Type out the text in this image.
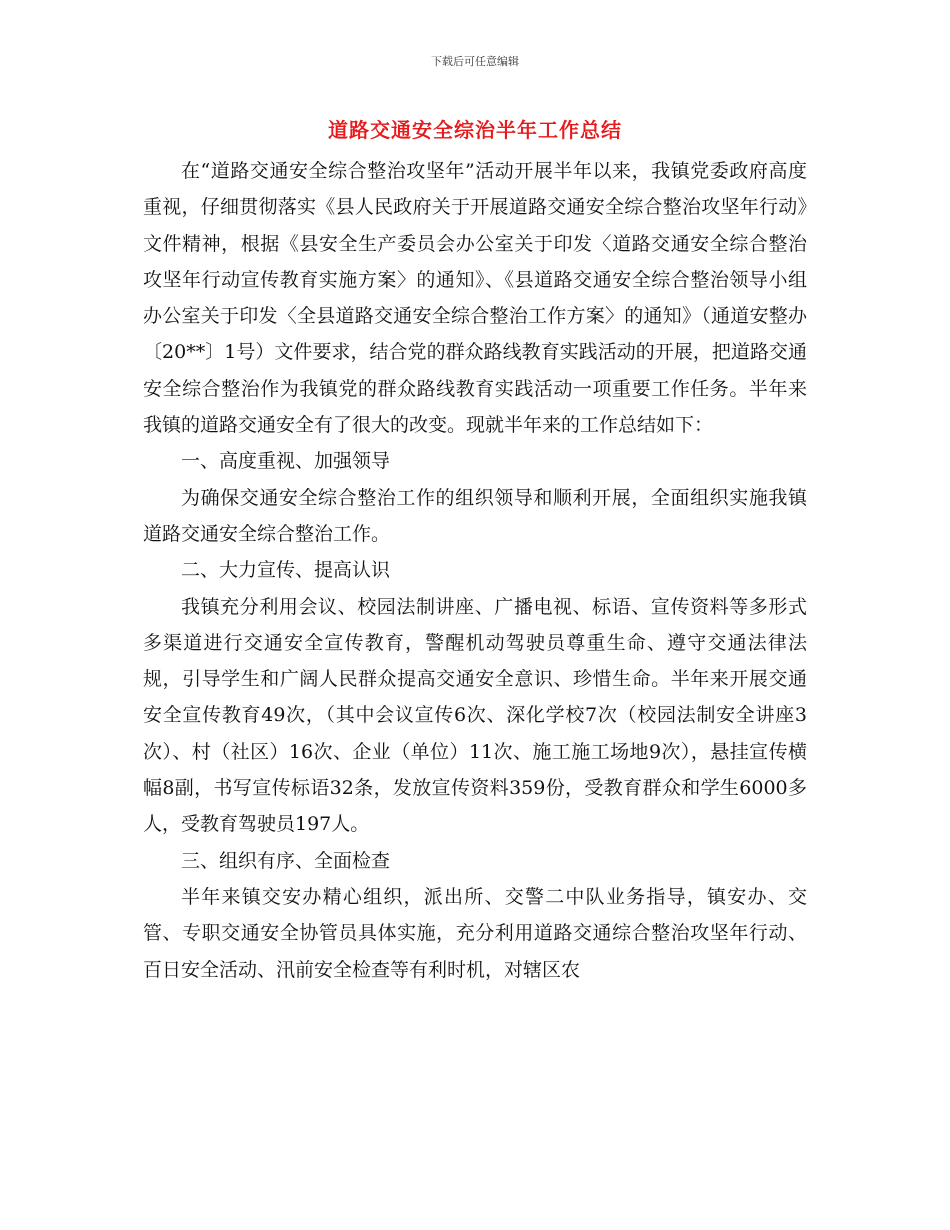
下载后可任意编辑
道路交通安全综治半年工作总结

在“道路交通安全综合整治攻坚年”活动开展半年以来，我镇党委政府高度重视，仔细贯彻落实《县人民政府关于开展道路交通安全综合整治攻坚年行动》文件精神，根据《县安全生产委员会办公室关于印发〈道路交通安全综合整治攻坚年行动宣传教育实施方案〉的通知》、《县道路交通安全综合整治领导小组办公室关于印发〈全县道路交通安全综合整治工作方案〉的通知》（通道安整办〔20**〕1号）文件要求，结合党的群众路线教育实践活动的开展，把道路交通安全综合整治作为我镇党的群众路线教育实践活动一项重要工作任务。半年来我镇的道路交通安全有了很大的改变。现就半年来的工作总结如下：

一、高度重视、加强领导

为确保交通安全综合整治工作的组织领导和顺利开展，全面组织实施我镇道路交通安全综合整治工作。

二、大力宣传、提高认识

我镇充分利用会议、校园法制讲座、广播电视、标语、宣传资料等多形式多渠道进行交通安全宣传教育，警醒机动驾驶员尊重生命、遵守交通法律法规，引导学生和广阔人民群众提高交通安全意识、珍惜生命。半年来开展交通安全宣传教育49次，（其中会议宣传6次、深化学校7次（校园法制安全讲座3次）、村（社区）16次、企业（单位）11次、施工施工场地9次），悬挂宣传横幅8副，书写宣传标语32条，发放宣传资料359份，受教育群众和学生6000多人，受教育驾驶员197人。

三、组织有序、全面检查

半年来镇交安办精心组织，派出所、交警二中队业务指导，镇安办、交管、专职交通安全协管员具体实施，充分利用道路交通综合整治攻坚年行动、百日安全活动、汛前安全检查等有利时机，对辖区农
